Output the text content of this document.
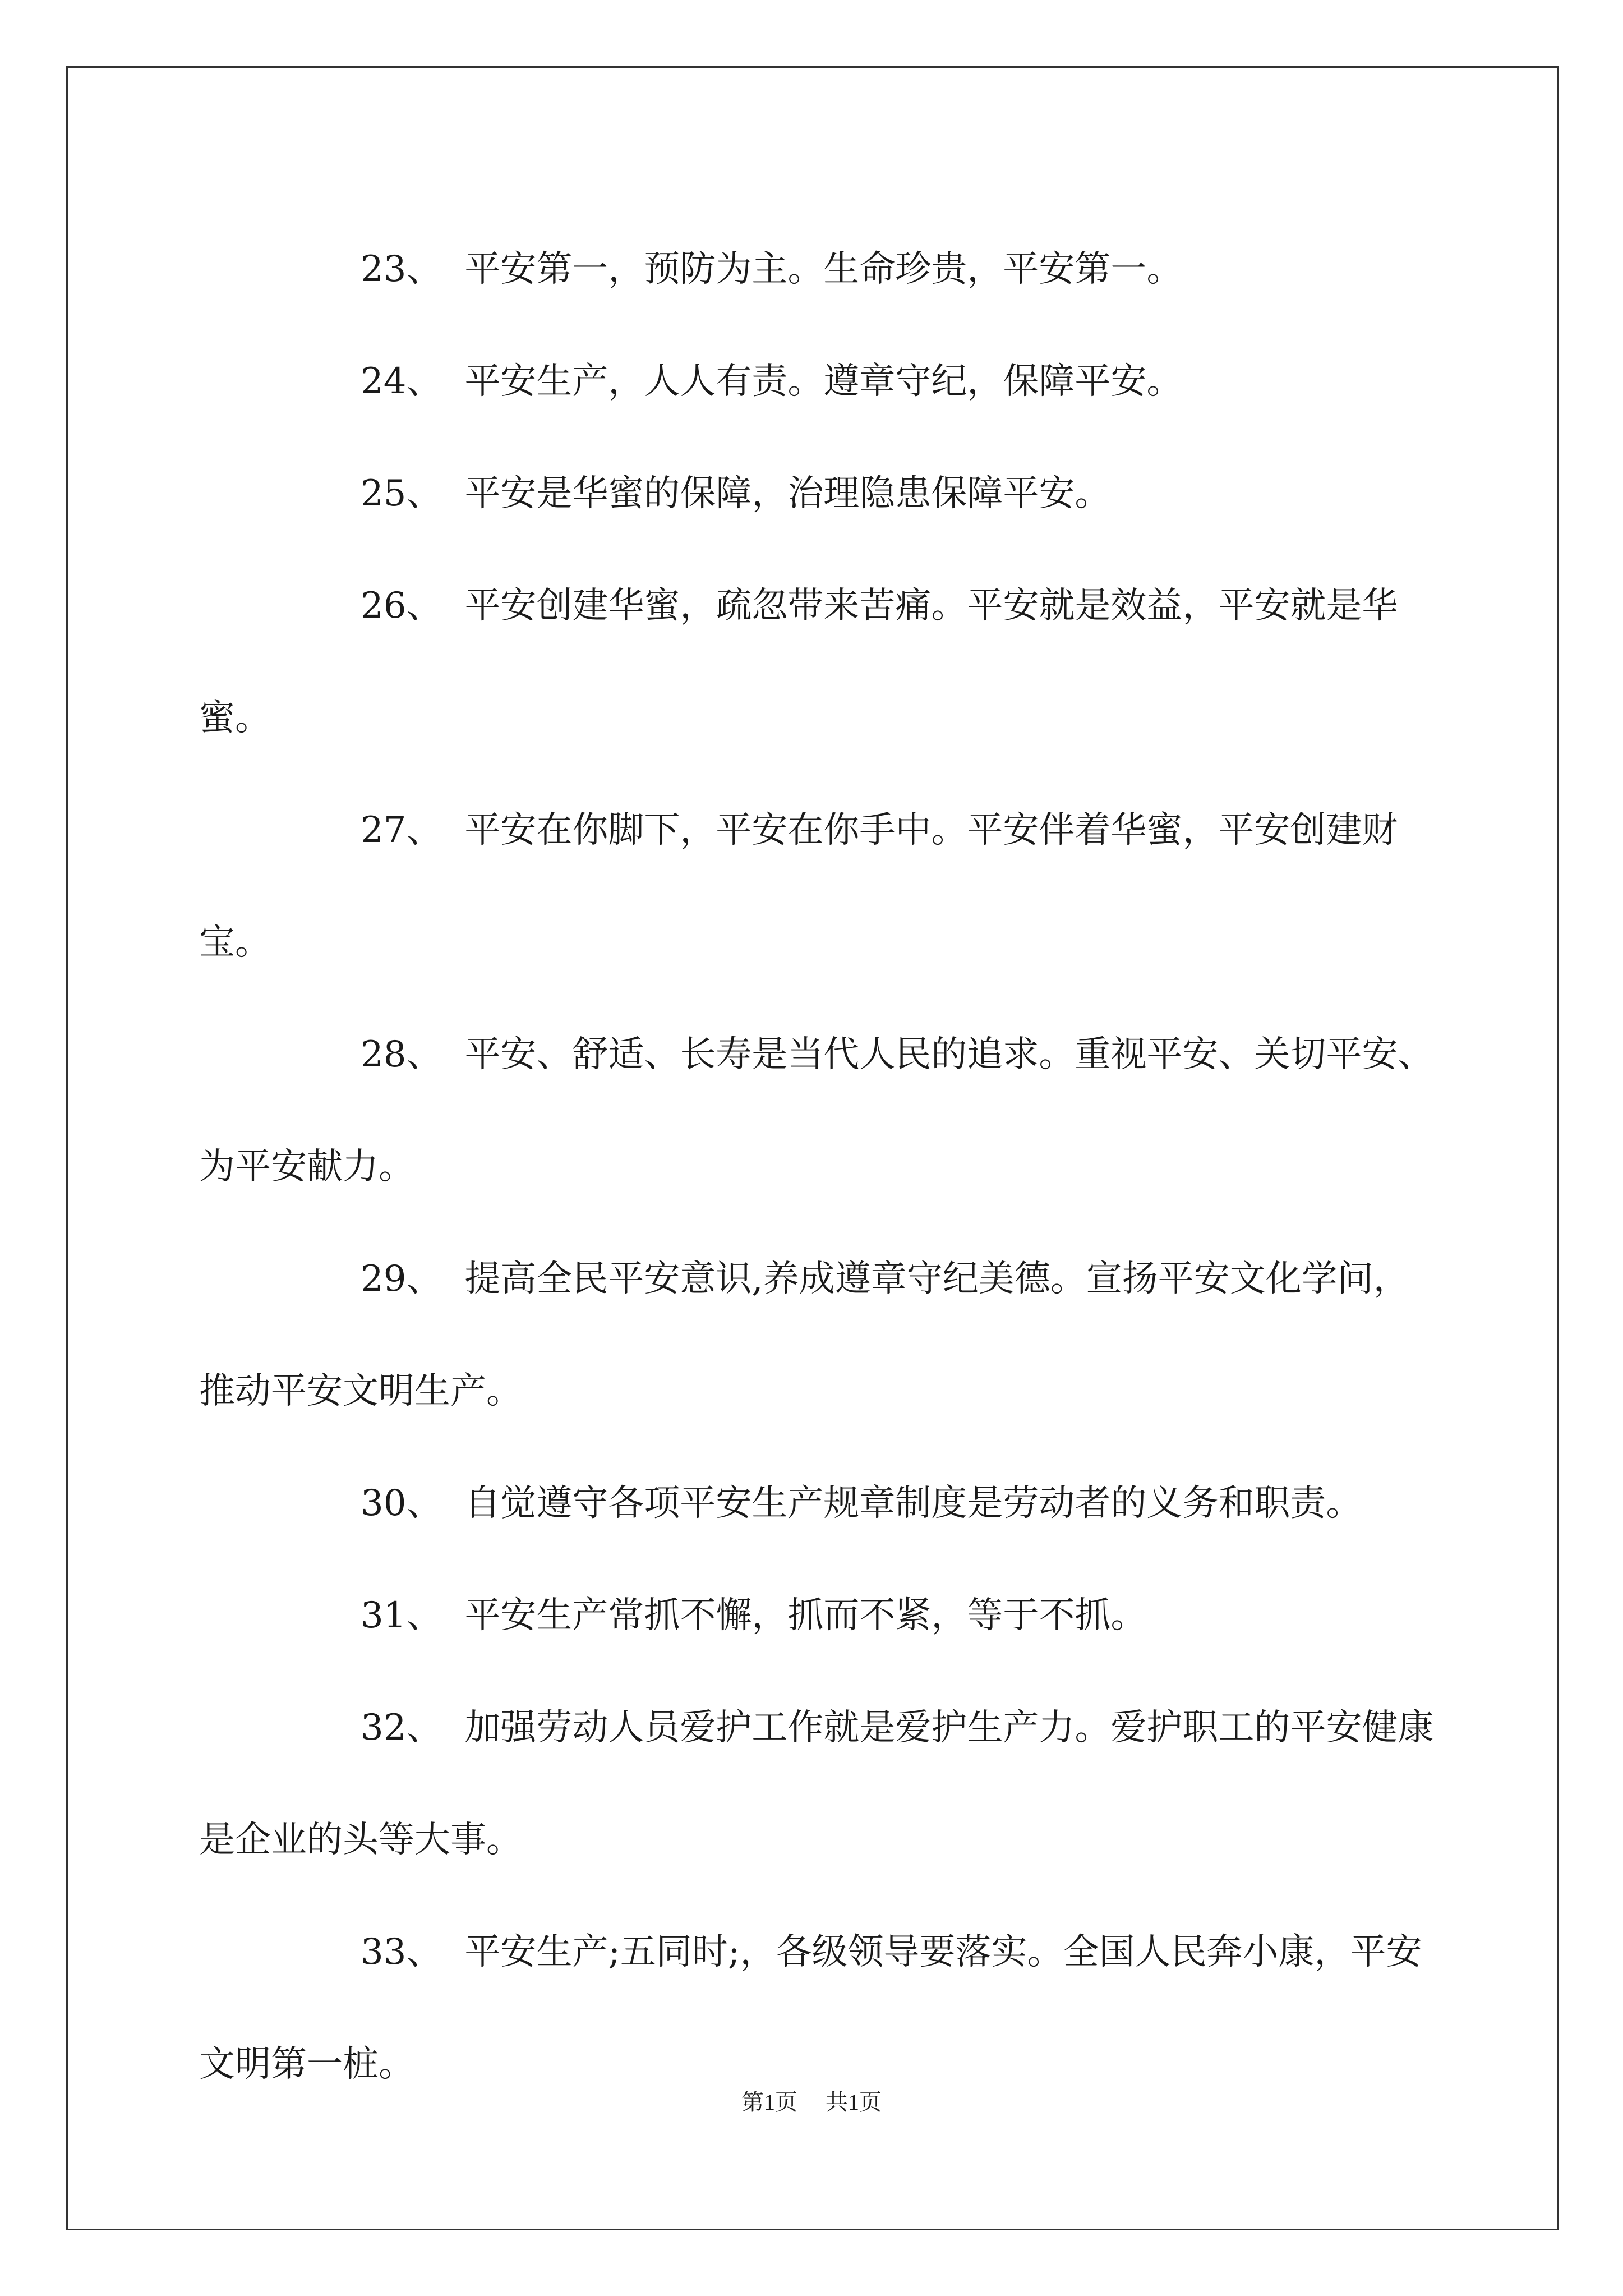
23、 平安第一，预防为主。生命珍贵，平安第一。

24、 平安生产，人人有责。遵章守纪，保障平安。

25、 平安是华蜜的保障，治理隐患保障平安。

26、 平安创建华蜜，疏忽带来苦痛。平安就是效益，平安就是华蜜。

27、 平安在你脚下，平安在你手中。平安伴着华蜜，平安创建财宝。

28、 平安、舒适、长寿是当代人民的追求。重视平安、关切平安、为平安献力。

29、 提高全民平安意识,养成遵章守纪美德。宣扬平安文化学问，推动平安文明生产。

30、 自觉遵守各项平安生产规章制度是劳动者的义务和职责。

31、 平安生产常抓不懈，抓而不紧，等于不抓。

32、 加强劳动人员爱护工作就是爱护生产力。爱护职工的平安健康是企业的头等大事。

33、 平安生产;五同时;，各级领导要落实。全国人民奔小康，平安文明第一桩。

第1页 共1页
